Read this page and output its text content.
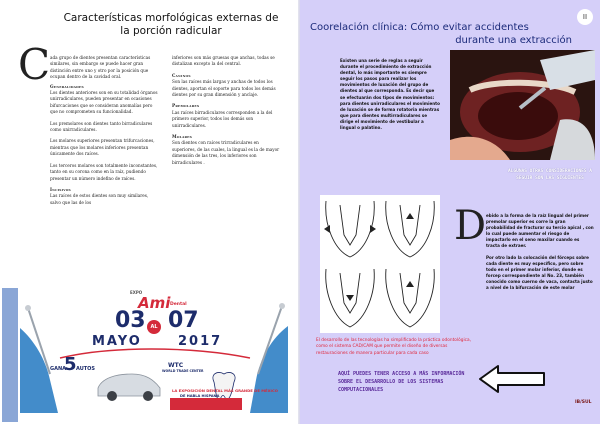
Características morfológicas externas de
la porción radicular
C ada grupo de dientes presentan características similares, sin embargo se puede hacer gran distinción entre uno y otro por la posición que ocupan dentro de la cavidad oral.

Generalidades

Los dientes anteriores son en su totalidad órganos unirradiculares, pueden presentar en ocasiones bifurcaciones que se consideran anomalías pero que no comprometen su funcionalidad.

Los premolares son dientes tanto birradiculares como unirradiculares.

Los molares superiores presentan trifurcaciones, mientras que los molares inferiores presentan únicamente dos raíces.

Los terceros molares son totalmente inconstantes, tanto en su corona como en la raíz, pudiendo presentar un número indefino de raíces.

Incisivos

Las raíces de estos dientes son muy similares, salvo que las de los

inferiores son más gruesas que anchas, todas se distalizan excepto la del central.

Caninos

Son las raíces más largas y anchas de todos los dientes, aportan el soporte para todos los demás dientes por su gran dimensión y anclaje.

Premolares

Las raíces birradiculares corresponden a la del primero superior, todos los demás son unirradiculares.

Molares

Son dientes con raíces trirradiculares en superiores, de las cuales, la lingual es la de mayor dimensión de las tres, los inferiores son birradiculares .

EXPO
Ami Dental
03 AL 07
MAYO	2017
GANA
5 AUTOS	WTC
WORLD TRADE CENTER
LA EXPOSICIÓN DENTAL MÁS GRANDE DE MÉXICO
DE HABLA HISPANA
II
Coorelación clínica: Cómo evitar accidentes
durante una extracción
Existen una serie de reglas a seguir durante el procedimiento de extracción dental, lo más importante es siempre seguir los pasos para realizar los movimientos de luxación del grupo de dientes al que corresponda. Es decir que se efectuarán dos tipos de movimientos: para dientes unirradiculares el movimiento de luxación se de forma rotatoria mientras que para dientes multirradiculares se dirige el movimiento de vestibular a lingual o palatino.
ALGUNAS OTRAS CONSIDERACIONES A SEGUIR SON LAS SIGUIENTES
D ebido a la forma de la raíz lingual del primer premolar superior es corre la gran probabilidad de fracturar su tercio apical , con lo cual puede aumentar el riesgo de impactarlo en el seno maxilar cuando es tracta de extraer.

Por otro lado la colocación del fórceps sobre cada diente es muy específico, pero sobre todo en el primer molar inferior, donde es forcep correspondiente al No. 23, también conocido como cuerno de vaca, contacta justo a nivel de la bifurcación de este molar

El desarrollo de las tecnologías ha simplificado la práctica odontológica, como el sistema CAD/CAM que permite el diseño de diversas restauraciones de manera particular para cada caso
AQUÍ PUEDES TENER ACCESO A MÁS INFORMACIÓN SOBRE EL DESARROLLO DE LOS SISTEMAS COMPUTACIONALES
IB/SUL
